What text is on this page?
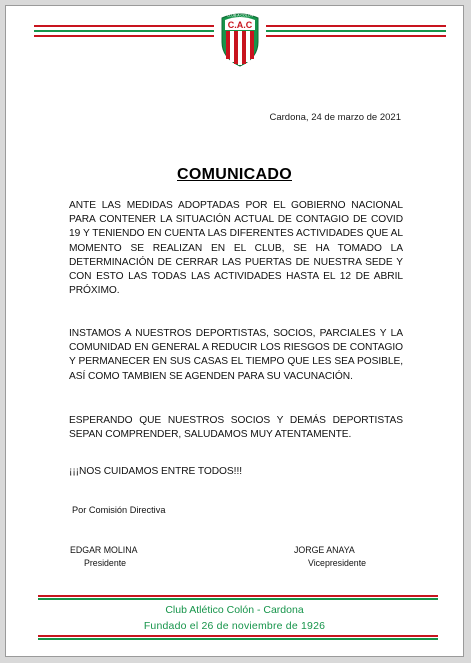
C.A.C
CLUB A COLÓN
Cardona, 24 de marzo de 2021
COMUNICADO
ANTE LAS MEDIDAS ADOPTADAS POR EL GOBIERNO NACIONAL PARA CONTENER LA SITUACIÓN ACTUAL DE CONTAGIO DE COVID 19 Y TENIENDO EN CUENTA LAS DIFERENTES ACTIVIDADES QUE AL MOMENTO SE REALIZAN EN EL CLUB, SE HA TOMADO LA DETERMINACIÓN DE CERRAR LAS PUERTAS DE NUESTRA SEDE Y CON ESTO LAS TODAS LAS ACTIVIDADES HASTA EL 12 DE ABRIL PRÓXIMO.
INSTAMOS A NUESTROS DEPORTISTAS, SOCIOS, PARCIALES Y LA COMUNIDAD EN GENERAL A REDUCIR LOS RIESGOS DE CONTAGIO Y PERMANECER EN SUS CASAS EL TIEMPO QUE LES SEA POSIBLE, ASÍ COMO TAMBIEN SE AGENDEN PARA SU VACUNACIÓN.
ESPERANDO QUE NUESTROS SOCIOS Y DEMÁS DEPORTISTAS SEPAN COMPRENDER, SALUDAMOS MUY ATENTAMENTE.
¡¡¡NOS CUIDAMOS ENTRE TODOS!!!
Por Comisión Directiva
EDGAR MOLINA
Presidente
JORGE ANAYA
Vicepresidente
Club Atlético Colón - Cardona
Fundado el 26 de noviembre de 1926
